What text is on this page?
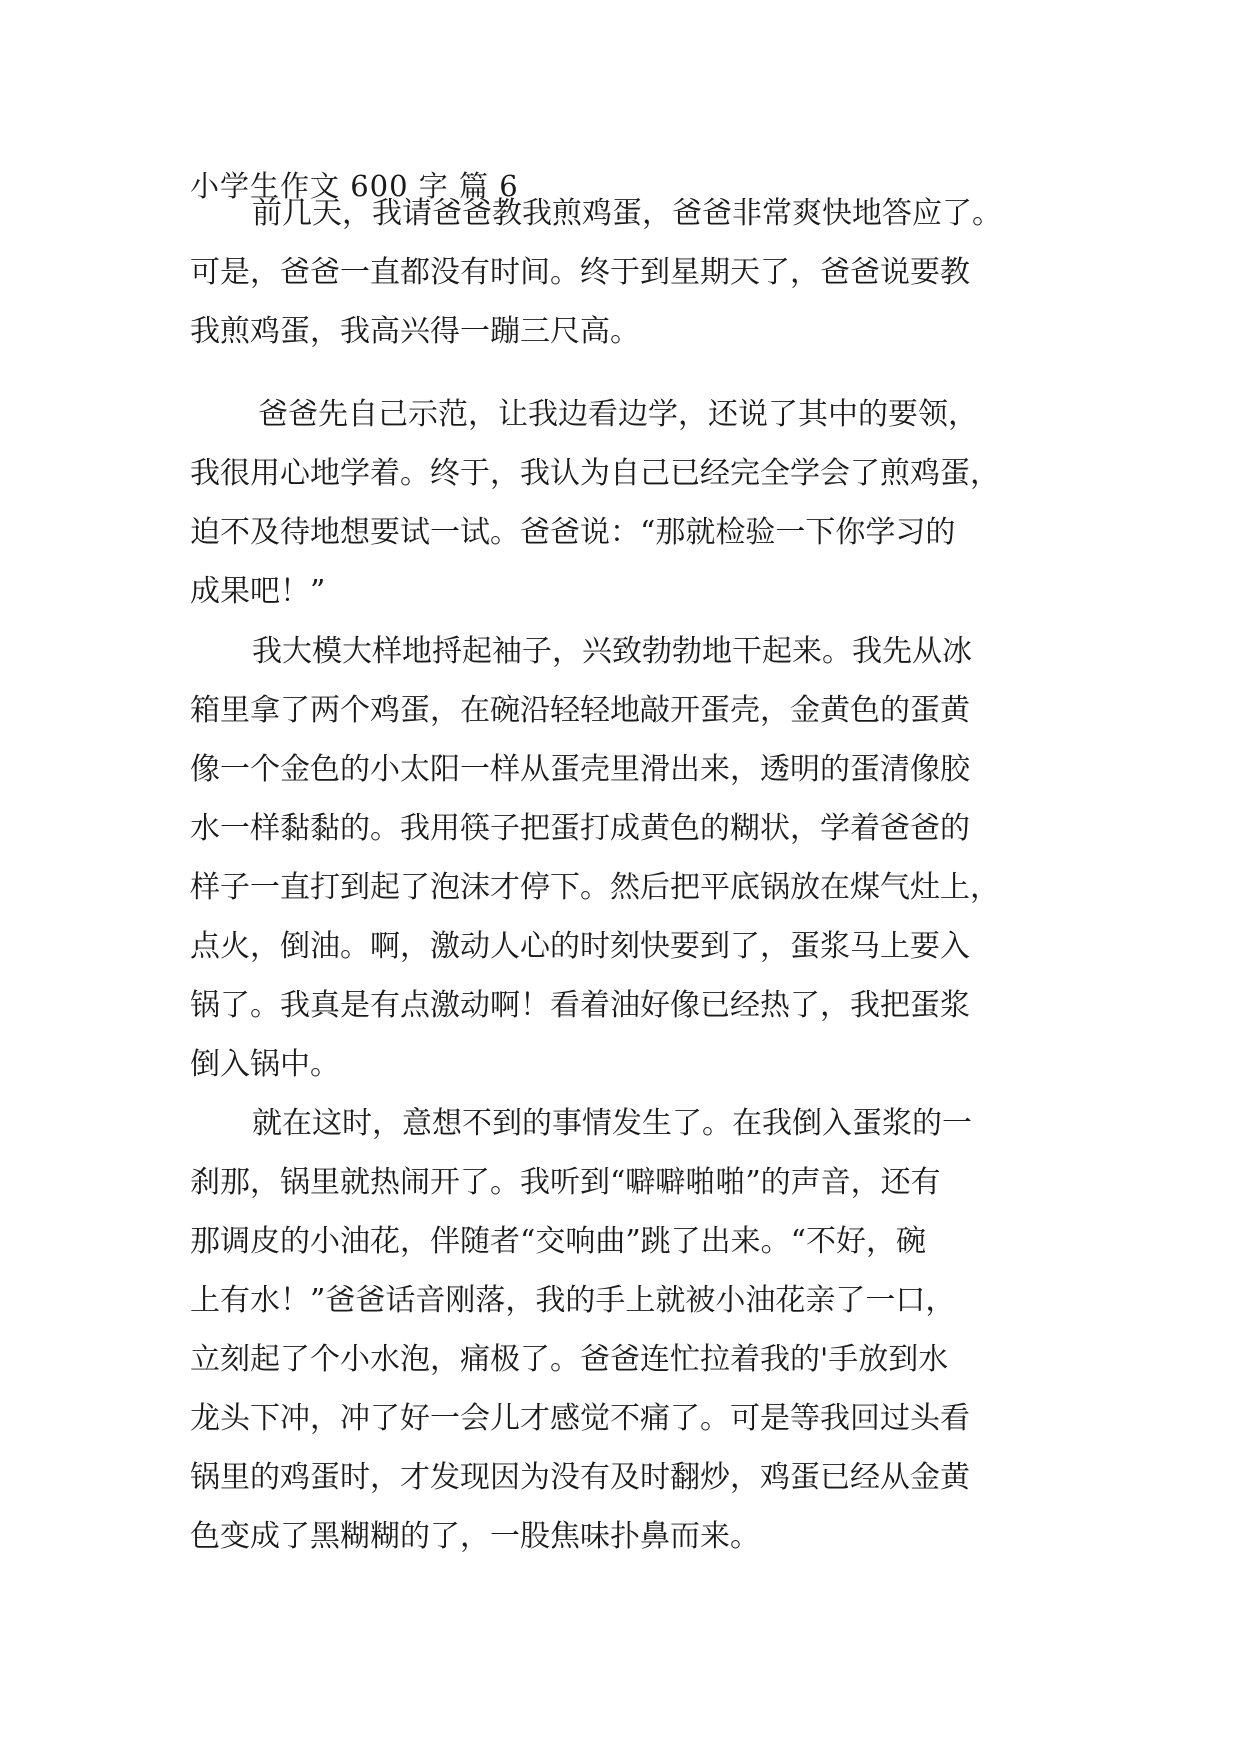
小学生作文 600 字 篇 6
前几天，我请爸爸教我煎鸡蛋，爸爸非常爽快地答应了。
可是，爸爸一直都没有时间。终于到星期天了，爸爸说要教
我煎鸡蛋，我高兴得一蹦三尺高。
爸爸先自己示范，让我边看边学，还说了其中的要领，
我很用心地学着。终于，我认为自己已经完全学会了煎鸡蛋，
迫不及待地想要试一试。爸爸说：“那就检验一下你学习的
成果吧！”
我大模大样地捋起袖子，兴致勃勃地干起来。我先从冰
箱里拿了两个鸡蛋，在碗沿轻轻地敲开蛋壳，金黄色的蛋黄
像一个金色的小太阳一样从蛋壳里滑出来，透明的蛋清像胶
水一样黏黏的。我用筷子把蛋打成黄色的糊状，学着爸爸的
样子一直打到起了泡沫才停下。然后把平底锅放在煤气灶上，
点火，倒油。啊，激动人心的时刻快要到了，蛋浆马上要入
锅了。我真是有点激动啊！看着油好像已经热了，我把蛋浆
倒入锅中。
就在这时，意想不到的事情发生了。在我倒入蛋浆的一
刹那，锅里就热闹开了。我听到“噼噼啪啪”的声音，还有
那调皮的小油花，伴随者“交响曲”跳了出来。“不好，碗
上有水！”爸爸话音刚落，我的手上就被小油花亲了一口，
立刻起了个小水泡，痛极了。爸爸连忙拉着我的'手放到水
龙头下冲，冲了好一会儿才感觉不痛了。可是等我回过头看
锅里的鸡蛋时，才发现因为没有及时翻炒，鸡蛋已经从金黄
色变成了黑糊糊的了，一股焦味扑鼻而来。
